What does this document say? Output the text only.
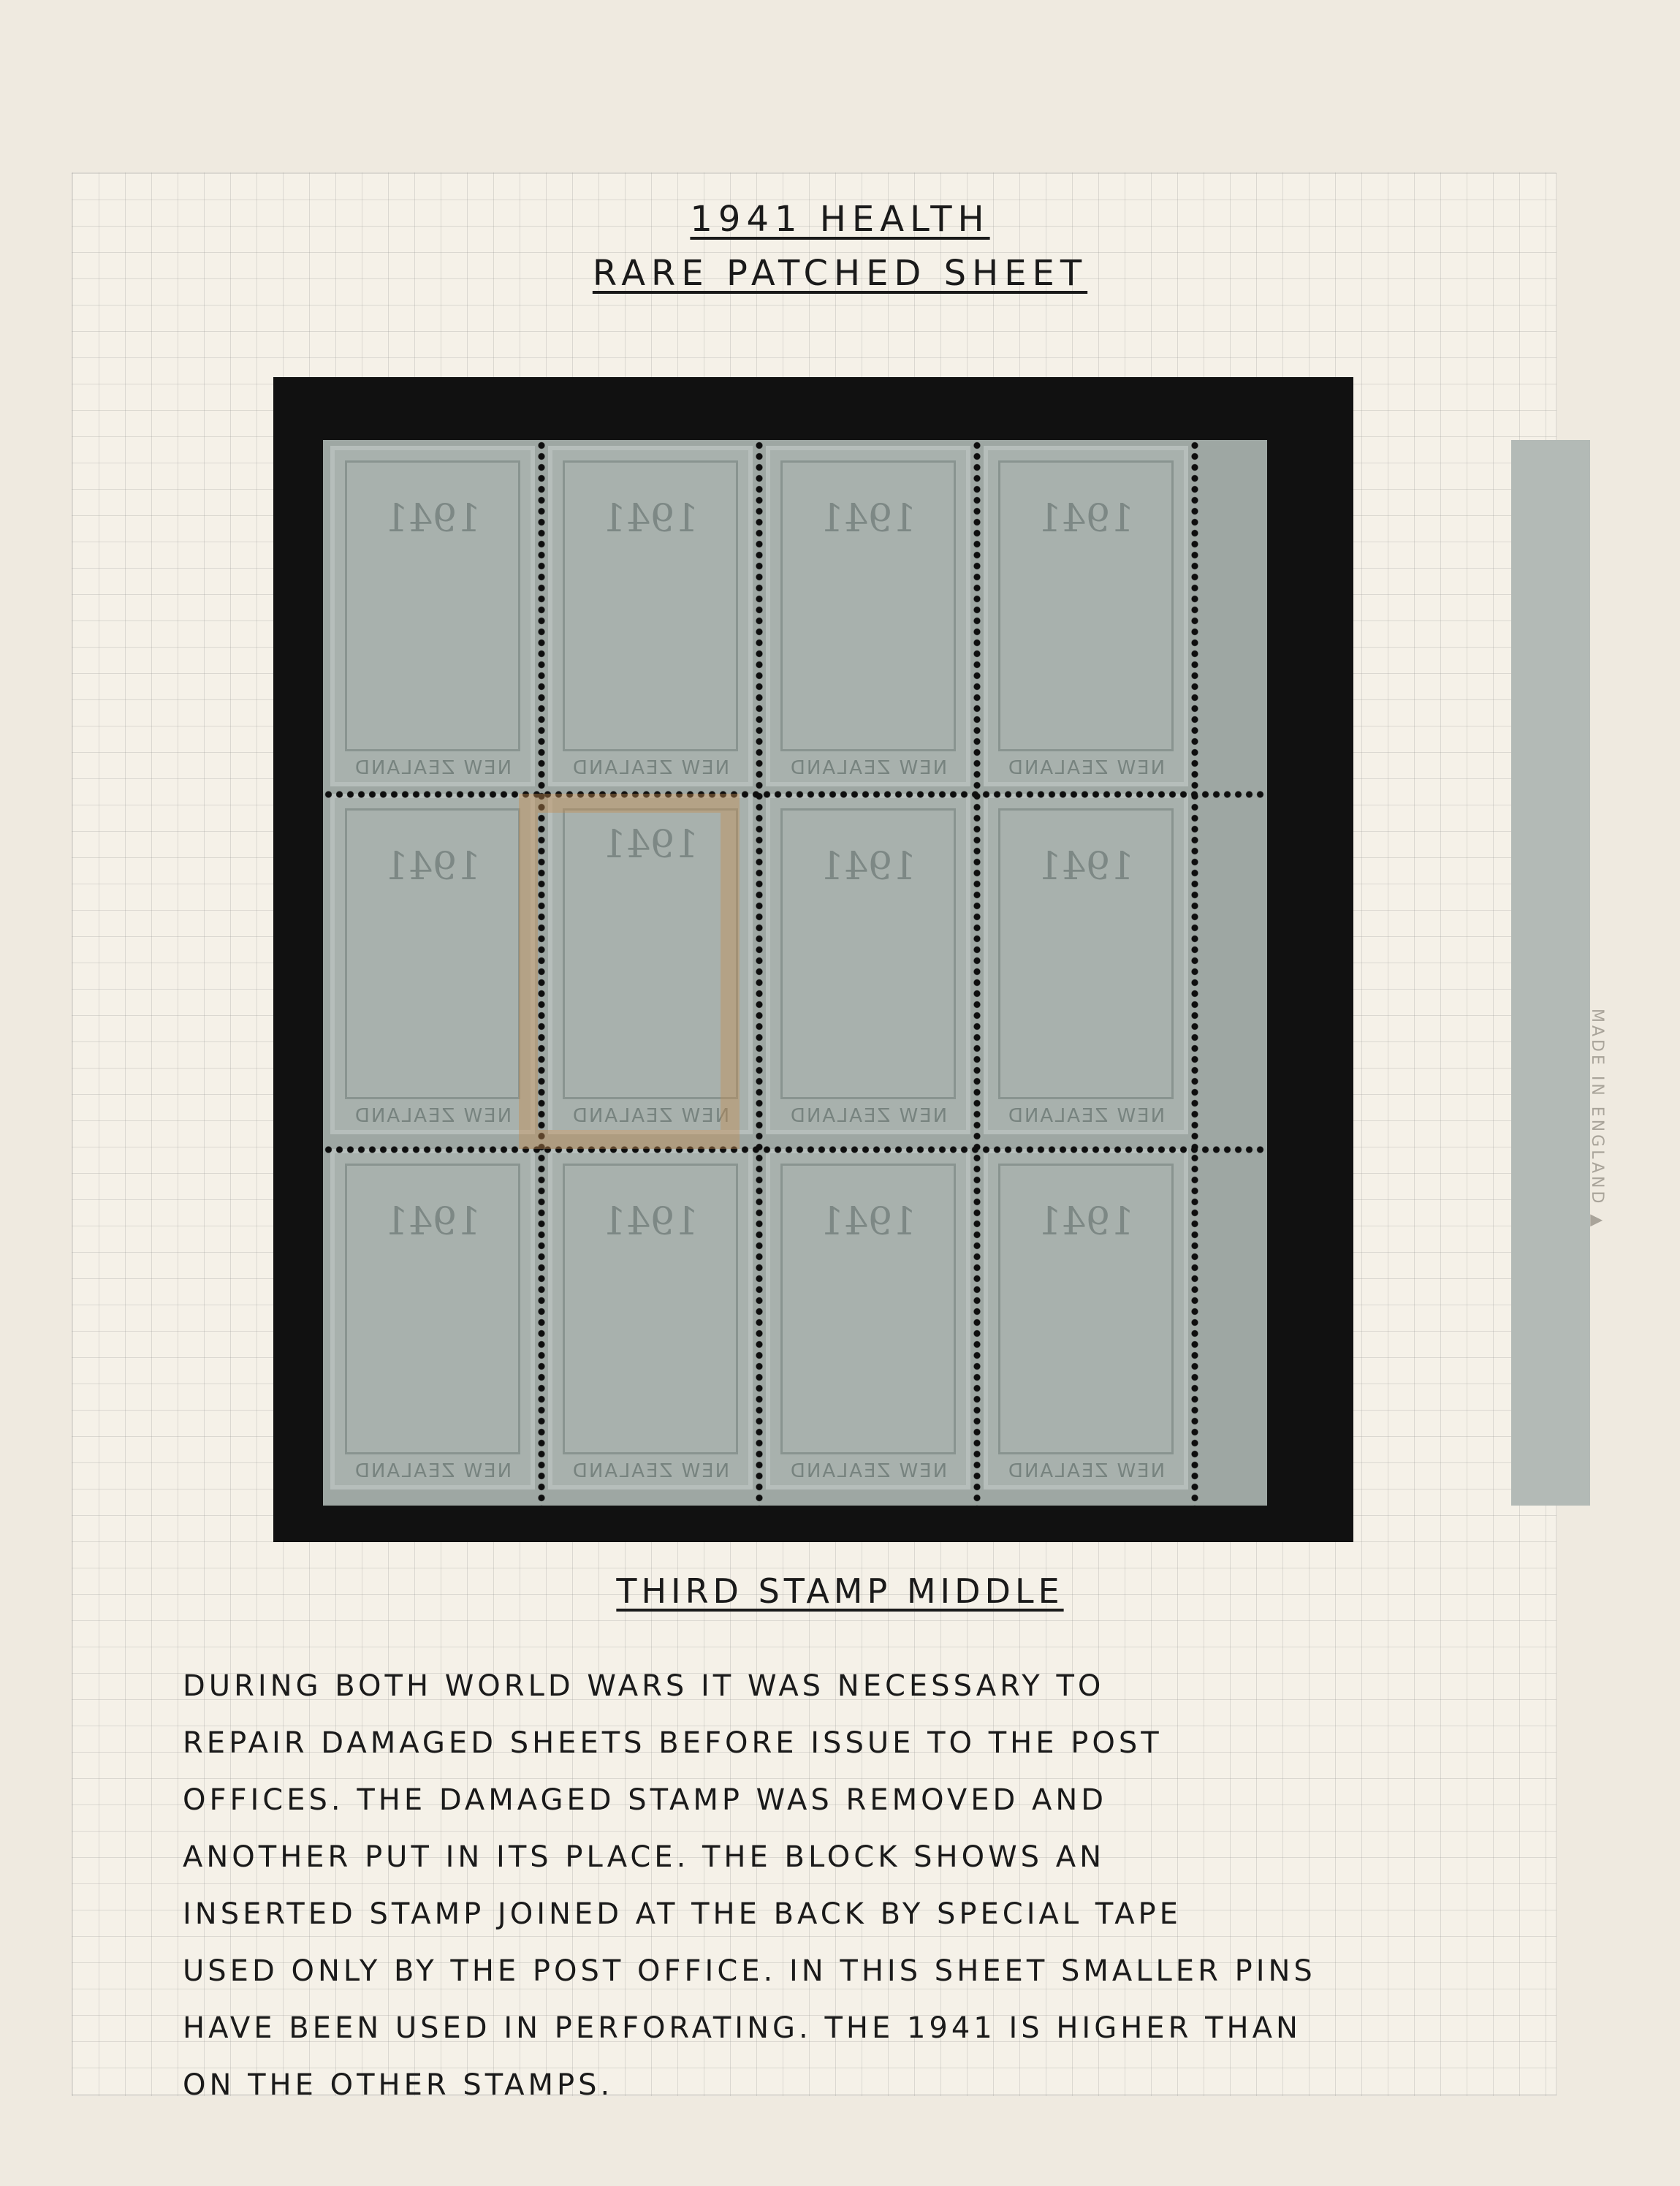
1941 HEALTH
RARE PATCHED SHEET
1941
NEW ZEALAND
1941
NEW ZEALAND
1941
NEW ZEALAND
1941
NEW ZEALAND
1941
NEW ZEALAND
1941
NEW ZEALAND
1941
NEW ZEALAND
1941
NEW ZEALAND
1941
NEW ZEALAND
1941
NEW ZEALAND
1941
NEW ZEALAND
1941
NEW ZEALAND
MADE IN ENGLAND ▲
THIRD STAMP MIDDLE
DURING BOTH WORLD WARS IT WAS NECESSARY TO
REPAIR DAMAGED SHEETS BEFORE ISSUE TO THE POST
OFFICES. THE DAMAGED STAMP WAS REMOVED AND
ANOTHER PUT IN ITS PLACE. THE BLOCK SHOWS AN
INSERTED STAMP JOINED AT THE BACK BY SPECIAL TAPE
USED ONLY BY THE POST OFFICE. IN THIS SHEET SMALLER PINS
HAVE BEEN USED IN PERFORATING. THE 1941 IS HIGHER THAN
ON THE OTHER STAMPS.
